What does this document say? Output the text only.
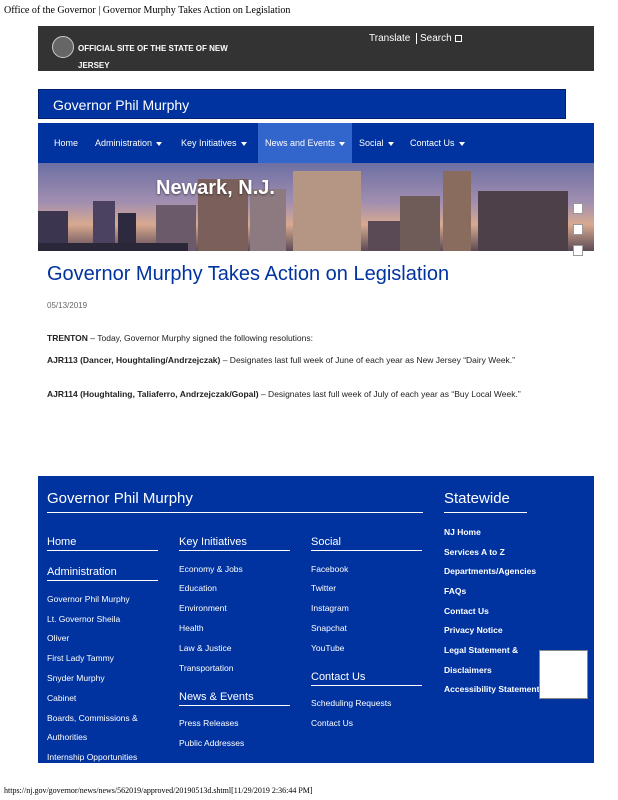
Office of the Governor | Governor Murphy Takes Action on Legislation
OFFICIAL SITE OF THE STATE OF NEW JERSEY
Translate Search
Governor Phil Murphy
Home	Administration	Key Initiatives	News and Events	Social	Contact Us
Newark, N.J.
Governor Murphy Takes Action on Legislation
05/13/2019
TRENTON – Today, Governor Murphy signed the following resolutions:
AJR113 (Dancer, Houghtaling/Andrzejczak) – Designates last full week of June of each year as New Jersey “Dairy Week.”
AJR114 (Houghtaling, Taliaferro, Andrzejczak/Gopal) – Designates last full week of July of each year as “Buy Local Week.”
Governor Phil Murphy	Statewide
Home
Administration
Governor Phil Murphy
Lt. Governor Sheila
Oliver
First Lady Tammy
Snyder Murphy
Cabinet
Boards, Commissions &
Authorities
Internship Opportunities
Key Initiatives
Economy & Jobs
Education
Environment
Health
Law & Justice
Transportation
News & Events
Press Releases
Public Addresses
Social
Facebook
Twitter
Instagram
Snapchat
YouTube
Contact Us
Scheduling Requests
Contact Us
NJ Home
Services A to Z
Departments/Agencies
FAQs
Contact Us
Privacy Notice
Legal Statement &
Disclaimers
Accessibility Statement
https://nj.gov/governor/news/news/562019/approved/20190513d.shtml[11/29/2019 2:36:44 PM]
